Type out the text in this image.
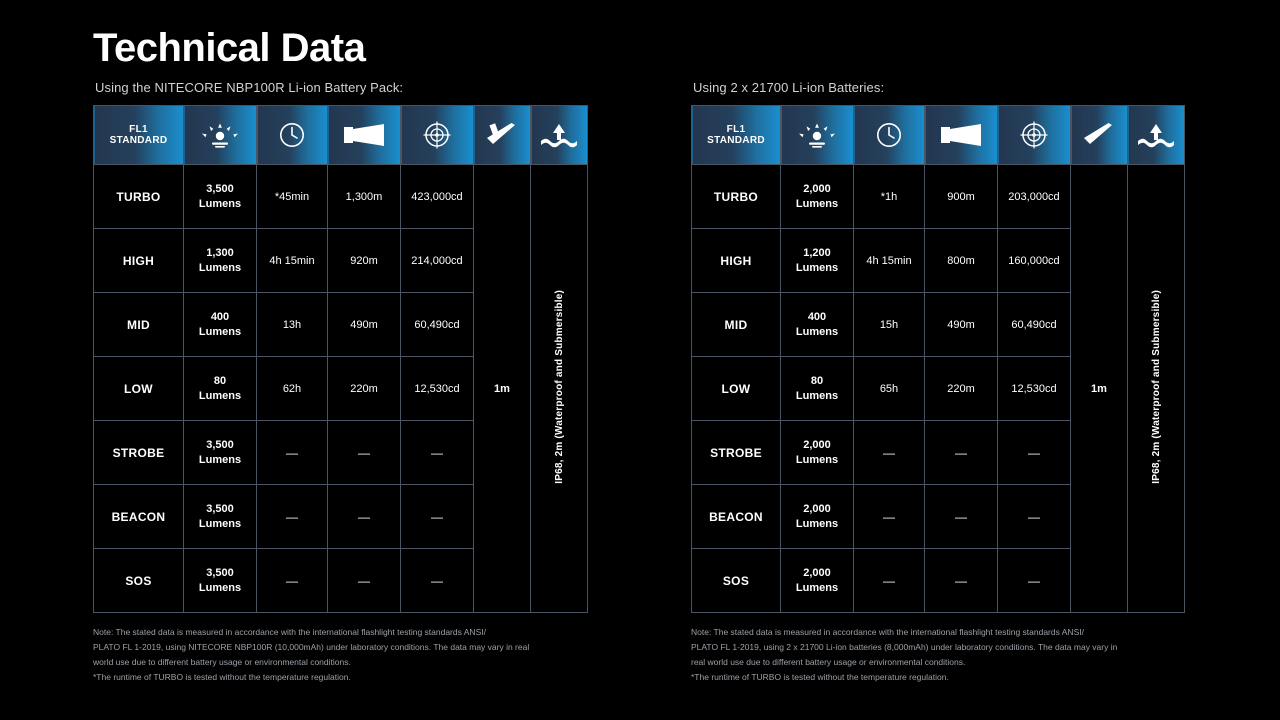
Technical Data
Using the NITECORE NBP100R Li-ion Battery Pack:
FL1
STANDARD

TURBO	3,500
Lumens	*45min	1,300m	423,000cd	1m	IP68, 2m (Waterproof and Submersible)
HIGH	1,300
Lumens	4h 15min	920m	214,000cd		
MID	400
Lumens	13h	490m	60,490cd		
LOW	80
Lumens	62h	220m	12,530cd		
STROBE	3,500
Lumens	—	—	—		
BEACON	3,500
Lumens	—	—	—		
SOS	3,500
Lumens	—	—	—		
Note: The stated data is measured in accordance with the international flashlight testing standards ANSI/
PLATO FL 1-2019, using NITECORE NBP100R (10,000mAh) under laboratory conditions. The data may vary in real
world use due to different battery usage or environmental conditions.
*The runtime of TURBO is tested without the temperature regulation.
Using 2 x 21700 Li-ion Batteries:
FL1
STANDARD

TURBO	2,000
Lumens	*1h	900m	203,000cd	1m	IP68, 2m (Waterproof and Submersible)
HIGH	1,200
Lumens	4h 15min	800m	160,000cd		
MID	400
Lumens	15h	490m	60,490cd		
LOW	80
Lumens	65h	220m	12,530cd		
STROBE	2,000
Lumens	—	—	—		
BEACON	2,000
Lumens	—	—	—		
SOS	2,000
Lumens	—	—	—		
Note: The stated data is measured in accordance with the international flashlight testing standards ANSI/
PLATO FL 1-2019, using 2 x 21700 Li-ion batteries (8,000mAh) under laboratory conditions. The data may vary in
real world use due to different battery usage or environmental conditions.
*The runtime of TURBO is tested without the temperature regulation.
